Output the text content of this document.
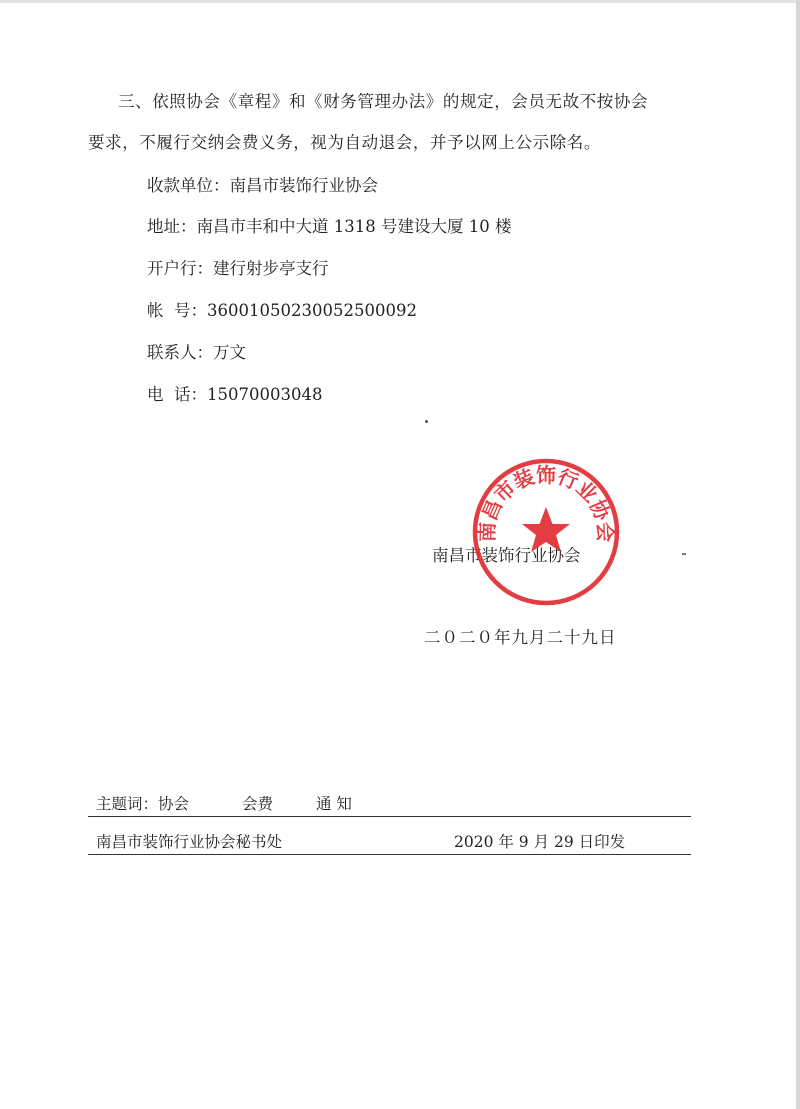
三、依照协会《章程》和《财务管理办法》的规定，会员无故不按协会
要求，不履行交纳会费义务，视为自动退会，并予以网上公示除名。
收款单位：南昌市装饰行业协会
地址：南昌市丰和中大道 1318 号建设大厦 10 楼
开户行：建行射步亭支行
帐  号：36001050230052500092
联系人：万文
电  话：15070003048
南昌市装饰行业协会
南昌市装饰行业协会
二０二０年九月二十九日
主题词：协会	会费	通 知
南昌市装饰行业协会秘书处	2020 年 9 月 29 日印发
